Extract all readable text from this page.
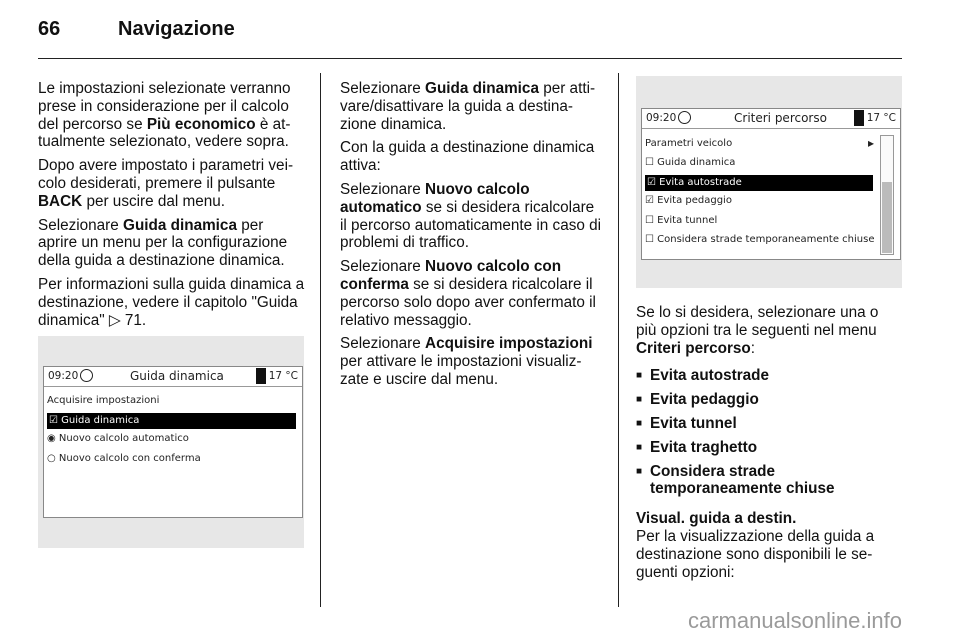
66	Navigazione

Le impostazioni selezionate verranno prese in considerazione per il calcolo del percorso se Più economico è at-tualmente selezionato, vedere sopra.

Dopo avere impostato i parametri vei-colo desiderati, premere il pulsante BACK per uscire dal menu.

Selezionare Guida dinamica per aprire un menu per la configurazione della guida a destinazione dinamica.

Per informazioni sulla guida dinamica a destinazione, vedere il capitolo "Guida dinamica" ▷ 71.

09:20	Guida dinamica	17 °C
Acquisire impostazioni
☑ Guida dinamica
◉ Nuovo calcolo automatico
○ Nuovo calcolo con conferma

Selezionare Guida dinamica per atti-vare/disattivare la guida a destina-zione dinamica.

Con la guida a destinazione dinamica attiva:

Selezionare Nuovo calcolo automatico se si desidera ricalcolare il percorso automaticamente in caso di problemi di traffico.

Selezionare Nuovo calcolo con conferma se si desidera ricalcolare il percorso solo dopo aver confermato il relativo messaggio.

Selezionare Acquisire impostazioni per attivare le impostazioni visualiz-zate e uscire dal menu.

09:20	Criteri percorso	17 °C
Parametri veicolo	▸
☐ Guida dinamica
☑ Evita autostrade
☑ Evita pedaggio
☐ Evita tunnel
☐ Considera strade temporaneamente chiuse

Se lo si desidera, selezionare una o più opzioni tra le seguenti nel menu Criteri percorso:

■ Evita autostrade
■ Evita pedaggio
■ Evita tunnel
■ Evita traghetto
■ Considera strade temporaneamente chiuse

Visual. guida a destin.

Per la visualizzazione della guida a destinazione sono disponibili le se-guenti opzioni:

carmanualsonline.info
